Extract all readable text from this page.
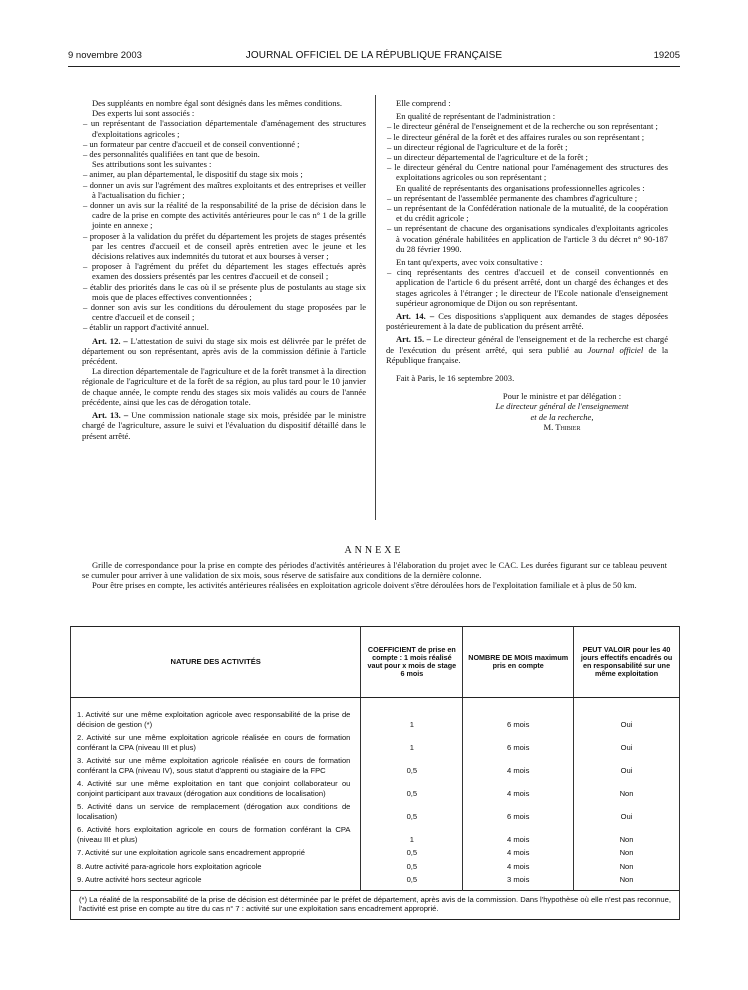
9 novembre 2003	JOURNAL OFFICIEL DE LA RÉPUBLIQUE FRANÇAISE	19205

Des suppléants en nombre égal sont désignés dans les mêmes conditions.

Des experts lui sont associés :

– un représentant de l'association départementale d'aménagement des structures d'exploitations agricoles ;

– un formateur par centre d'accueil et de conseil conventionné ;

– des personnalités qualifiées en tant que de besoin.

Ses attributions sont les suivantes :

– animer, au plan départemental, le dispositif du stage six mois ;

– donner un avis sur l'agrément des maîtres exploitants et des entreprises et veiller à l'actualisation du fichier ;

– donner un avis sur la réalité de la responsabilité de la prise de décision dans le cadre de la prise en compte des activités antérieures pour le cas n° 1 de la grille jointe en annexe ;

– proposer à la validation du préfet du département les projets de stages présentés par les centres d'accueil et de conseil après entretien avec le jeune et les décisions relatives aux indemnités du tutorat et aux bourses à verser ;

– proposer à l'agrément du préfet du département les stages effectués après examen des dossiers présentés par les centres d'accueil et de conseil ;

– établir des priorités dans le cas où il se présente plus de postulants au stage six mois que de places effectives conventionnées ;

– donner son avis sur les conditions du déroulement du stage proposées par le centre d'accueil et de conseil ;

– établir un rapport d'activité annuel.

Art. 12. – L'attestation de suivi du stage six mois est délivrée par le préfet de département ou son représentant, après avis de la commission définie à l'article précédent.

La direction départementale de l'agriculture et de la forêt transmet à la direction régionale de l'agriculture et de la forêt de sa région, au plus tard pour le 10 janvier de chaque année, le compte rendu des stages six mois validés au cours de l'année précédente, ainsi que les cas de dérogation totale.

Art. 13. – Une commission nationale stage six mois, présidée par le ministre chargé de l'agriculture, assure le suivi et l'évaluation du dispositif détaillé dans le présent arrêté.

Elle comprend :

En qualité de représentant de l'administration :

– le directeur général de l'enseignement et de la recherche ou son représentant ;

– le directeur général de la forêt et des affaires rurales ou son représentant ;

– un directeur régional de l'agriculture et de la forêt ;

– un directeur départemental de l'agriculture et de la forêt ;

– le directeur général du Centre national pour l'aménagement des structures des exploitations agricoles ou son représentant ;

En qualité de représentants des organisations professionnelles agricoles :

– un représentant de l'assemblée permanente des chambres d'agriculture ;

– un représentant de la Confédération nationale de la mutualité, de la coopération et du crédit agricole ;

– un représentant de chacune des organisations syndicales d'exploitants agricoles à vocation générale habilitées en application de l'article 3 du décret n° 90-187 du 28 février 1990.

En tant qu'experts, avec voix consultative :

– cinq représentants des centres d'accueil et de conseil conventionnés en application de l'article 6 du présent arrêté, dont un chargé des échanges et des stages agricoles à l'étranger ; le directeur de l'Ecole nationale d'enseignement supérieur agronomique de Dijon ou son représentant.

Art. 14. – Ces dispositions s'appliquent aux demandes de stages déposées postérieurement à la date de publication du présent arrêté.

Art. 15. – Le directeur général de l'enseignement et de la recherche est chargé de l'exécution du présent arrêté, qui sera publié au Journal officiel de la République française.

Fait à Paris, le 16 septembre 2003.

Pour le ministre et par délégation :

Le directeur général de l'enseignement

et de la recherche,

M. Thibier

ANNEXE

Grille de correspondance pour la prise en compte des périodes d'activités antérieures à l'élaboration du projet avec le CAC. Les durées figurant sur ce tableau peuvent se cumuler pour arriver à une validation de six mois, sous réserve de satisfaire aux conditions de la dernière colonne.

Pour être prises en compte, les activités antérieures réalisées en exploitation agricole doivent s'être déroulées hors de l'exploitation familiale et à plus de 50 km.

NATURE DES ACTIVITÉS	COEFFICIENT de prise en compte : 1 mois réalisé vaut pour x mois de stage 6 mois	NOMBRE DE MOIS maximum pris en compte	PEUT VALOIR pour les 40 jours effectifs encadrés ou en responsabilité sur une même exploitation
1. Activité sur une même exploitation agricole avec responsabilité de la prise de décision de gestion (*)	1	6 mois	Oui
2. Activité sur une même exploitation agricole réalisée en cours de formation conférant la CPA (niveau III et plus)	1	6 mois	Oui
3. Activité sur une même exploitation agricole réalisée en cours de formation conférant la CPA (niveau IV), sous statut d'apprenti ou stagiaire de la FPC	0,5	4 mois	Oui
4. Activité sur une même exploitation en tant que conjoint collaborateur ou conjoint participant aux travaux (dérogation aux conditions de localisation)	0,5	4 mois	Non
5. Activité dans un service de remplacement (dérogation aux conditions de localisation)	0,5	6 mois	Oui
6. Activité hors exploitation agricole en cours de formation conférant la CPA (niveau III et plus)	1	4 mois	Non
7. Activité sur une exploitation agricole sans encadrement approprié	0,5	4 mois	Non
8. Autre activité para-agricole hors exploitation agricole	0,5	4 mois	Non
9. Autre activité hors secteur agricole	0,5	3 mois	Non
(*) La réalité de la responsabilité de la prise de décision est déterminée par le préfet de département, après avis de la commission. Dans l'hypothèse où elle n'est pas reconnue, l'activité est prise en compte au titre du cas n° 7 : activité sur une exploitation sans encadrement approprié.			
